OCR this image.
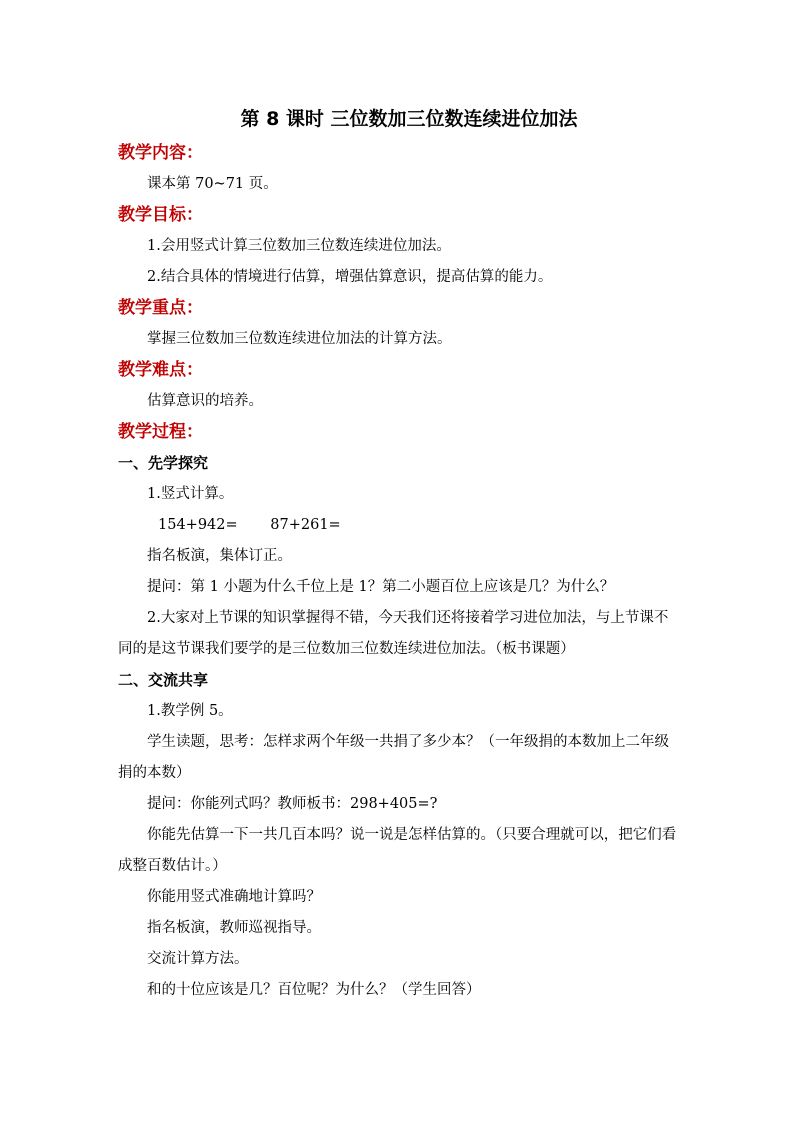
第 8 课时 三位数加三位数连续进位加法
教学内容：
课本第 70~71 页。
教学目标：
1.会用竖式计算三位数加三位数连续进位加法。
2.结合具体的情境进行估算，增强估算意识，提高估算的能力。
教学重点：
掌握三位数加三位数连续进位加法的计算方法。
教学难点：
估算意识的培养。
教学过程：
一、先学探究
1.竖式计算。
154+942= 87+261=
指名板演，集体订正。
提问：第 1 小题为什么千位上是 1？第二小题百位上应该是几？为什么？
2.大家对上节课的知识掌握得不错，今天我们还将接着学习进位加法，与上节课不同的是这节课我们要学的是三位数加三位数连续进位加法。（板书课题）
二、交流共享
1.教学例 5。
学生读题，思考：怎样求两个年级一共捐了多少本？（一年级捐的本数加上二年级捐的本数）
提问：你能列式吗？教师板书：298+405=?
你能先估算一下一共几百本吗？说一说是怎样估算的。（只要合理就可以，把它们看成整百数估计。）
你能用竖式准确地计算吗？
指名板演，教师巡视指导。
交流计算方法。
和的十位应该是几？百位呢？为什么？（学生回答）
